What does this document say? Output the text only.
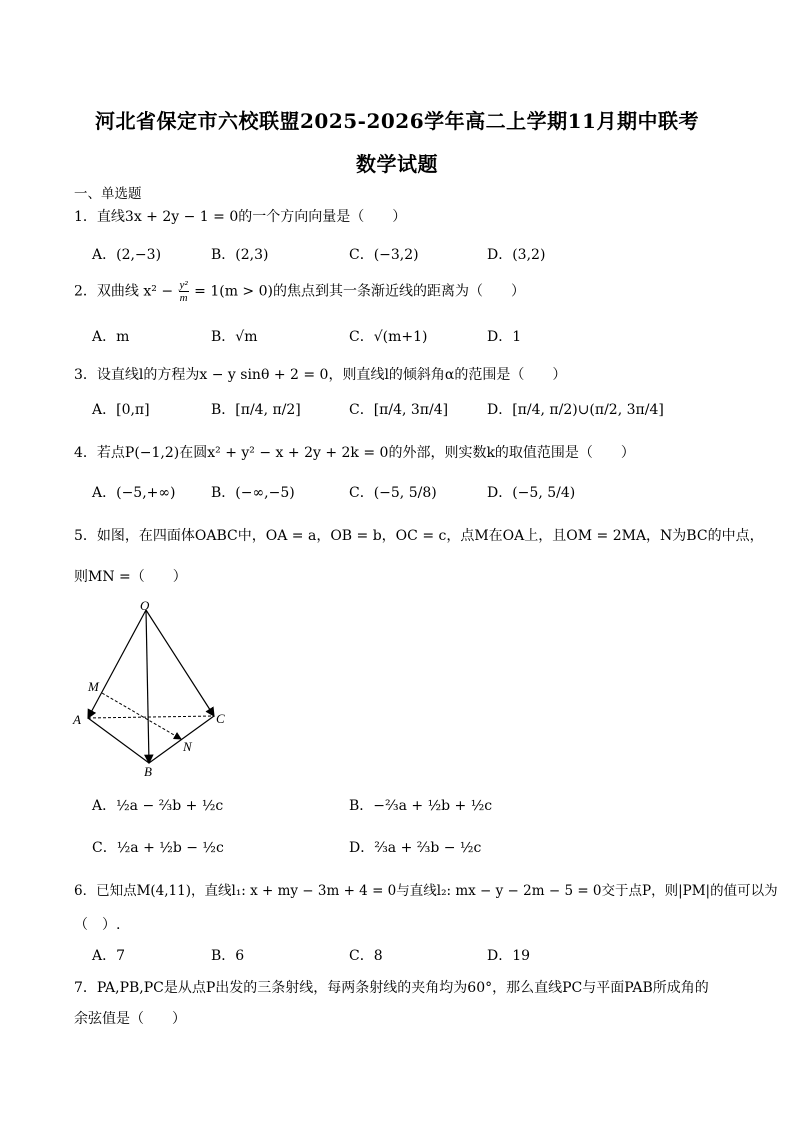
河北省保定市六校联盟2025-2026学年高二上学期11月期中联考
数学试题
一、单选题
1．直线3x + 2y − 1 = 0的一个方向向量是（　　）
A．(2,−3)	B．(2,3)	C．(−3,2)	D．(3,2)
2．双曲线 $x^2 - \frac{\text{y²}}{m} = 1(m > 0)$的焦点到其一条渐近线的距离为（　　）
A．m	B．√m	C．√(m+1)	D．1
3．设直线l的方程为x − y sinθ + 2 = 0，则直线l的倾斜角α的范围是（　　）
A．[0,π]	B．[π/4, π/2]	C．[π/4, 3π/4]	D．[π/4, π/2)∪(π/2, 3π/4]
4．若点P(−1,2)在圆x² + y² − x + 2y + 2k = 0的外部，则实数k的取值范围是（　　）
A．(−5,+∞)	B．(−∞,−5)	C．(−5, 5/8)	D．(−5, 5/4)
5．如图，在四面体OABC中，OA = a，OB = b，OC = c，点M在OA上，且OM = 2MA，N为BC的中点，
则MN =（　　）
O
M
A	C
N
B
A．½a − ⅔b + ½c	B．−⅔a + ½b + ½c
C．½a + ½b − ½c	D．⅔a + ⅔b − ½c
6．已知点M(4,11)，直线l₁: x + my − 3m + 4 = 0与直线l₂: mx − y − 2m − 5 = 0交于点P，则|PM|的值可以为
（　）.
A．7	B．6	C．8	D．19
7．PA,PB,PC是从点P出发的三条射线，每两条射线的夹角均为60°，那么直线PC与平面PAB所成角的
余弦值是（　　）
